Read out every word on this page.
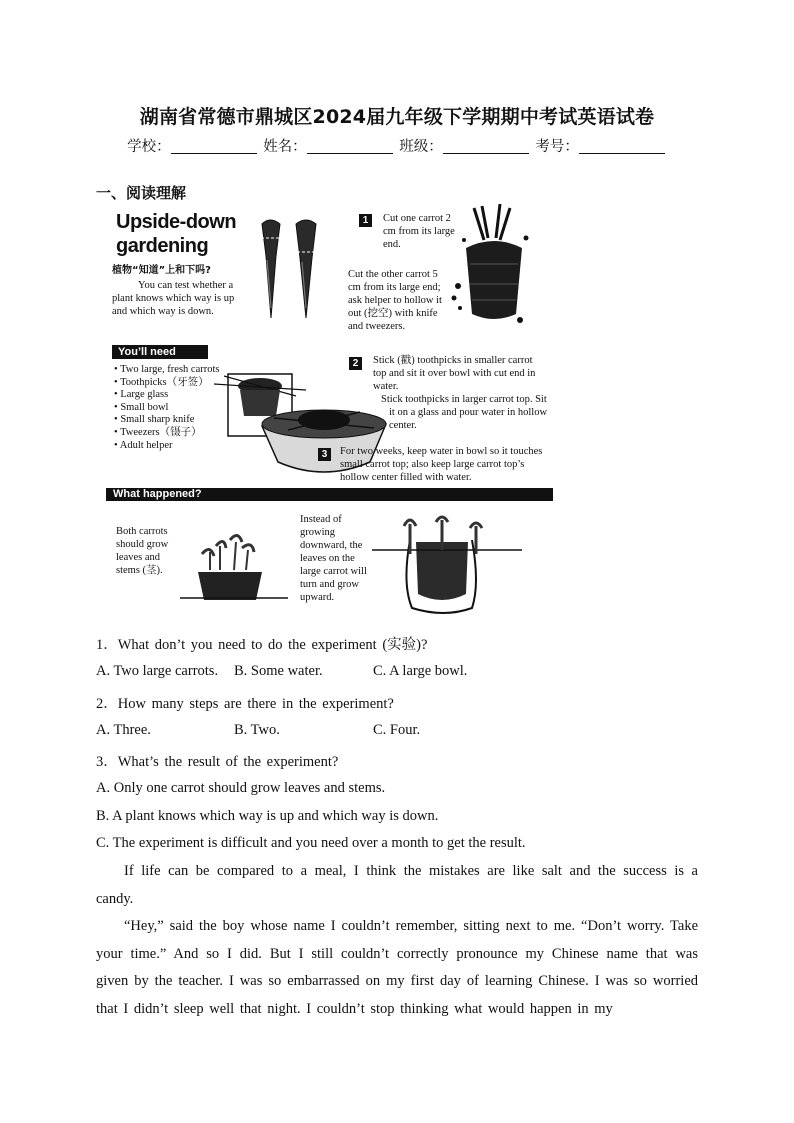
湖南省常德市鼎城区2024届九年级下学期期中考试英语试卷
学校：	姓名：	班级：	考号：
一、阅读理解
Upside-down
gardening
植物“知道”上和下吗?
You can test whether a plant knows which way is up and which way is down.
You’ll need
• Two large, fresh carrots
• Toothpicks（牙签）
• Large glass
• Small bowl
• Small sharp knife
• Tweezers（镊子）
• Adult helper
1	Cut one carrot 2 cm from its large end.
Cut the other carrot 5 cm from its large end; ask helper to hollow it out (挖空) with knife and tweezers.
2	Stick (戳) toothpicks in smaller carrot top and sit it over bowl with cut end in water.
Stick toothpicks in larger carrot top. Sit it on a glass and pour water in hollow center.
3	For two weeks, keep water in bowl so it touches small carrot top; also keep large carrot top’s hollow center filled with water.
What happened?
Both carrots should grow leaves and stems (茎).
Instead of growing downward, the leaves on the large carrot will turn and grow upward.
1．What don’t you need to do the experiment (实验)?
A. Two large carrots. B. Some water.	C. A large bowl.
2．How many steps are there in the experiment?
A. Three.	B. Two.	C. Four.
3．What’s the result of the experiment?
A. Only one carrot should grow leaves and stems.
B. A plant knows which way is up and which way is down.
C. The experiment is difficult and you need over a month to get the result.
If life can be compared to a meal, I think the mistakes are like salt and the success is a candy.
“Hey,” said the boy whose name I couldn’t remember, sitting next to me. “Don’t worry. Take your time.” And so I did. But I still couldn’t correctly pronounce my Chinese name that was given by the teacher. I was so embarrassed on my first day of learning Chinese. I was so worried that I didn’t sleep well that night. I couldn’t stop thinking what would happen in my
